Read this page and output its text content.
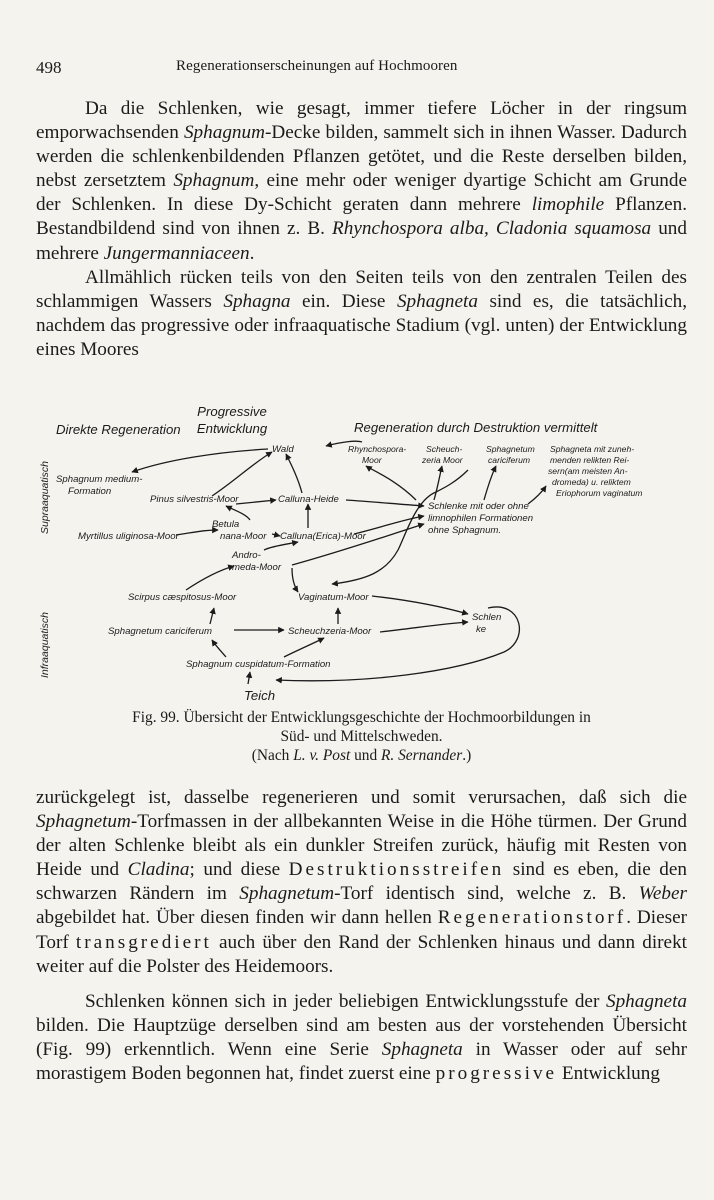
498	Regenerationserscheinungen auf Hochmooren

Da die Schlenken, wie gesagt, immer tiefere Löcher in der ringsum emporwachsenden Sphagnum-Decke bilden, sammelt sich in ihnen Wasser. Dadurch werden die schlenkenbildenden Pflanzen getötet, und die Reste derselben bilden, nebst zersetztem Sphagnum, eine mehr oder weniger dyartige Schicht am Grunde der Schlenken. In diese Dy-Schicht geraten dann mehrere limophile Pflanzen. Bestandbildend sind von ihnen z. B. Rhynchospora alba, Cladonia squamosa und mehrere Jungermanniaceen.

Allmählich rücken teils von den Seiten teils von den zentralen Teilen des schlammigen Wassers Sphagna ein. Diese Sphagneta sind es, die tatsächlich, nachdem das progressive oder infraaquatische Stadium (vgl. unten) der Entwicklung eines Moores

Direkte Regeneration
Progressive
Entwicklung	Regeneration durch Destruktion vermittelt
Supraaquatisch
Infraaquatisch
Wald
Sphagnum medium-
Formation
Pinus silvestris-Moor	Calluna-Heide
Betula
nana-Moor
Myrtillus uliginosa-Moor	Calluna(Erica)-Moor
Andro-
meda-Moor
Rhynchospora-
Moor
Scheuch-
zeria Moor
Sphagnetum
cariciferum
Sphagneta mit zuneh-
menden relikten Rei-
sern(am meisten An-
dromeda) u. reliktem
Eriophorum vaginatum
Schlenke mit oder ohne
limnophilen Formationen
ohne Sphagnum.
Scirpus cæspitosus-Moor	Vaginatum-Moor
Sphagnetum cariciferum	Scheuchzeria-Moor
Schlen
ke
Sphagnum cuspidatum-Formation
Teich
Fig. 99. Übersicht der Entwicklungsgeschichte der Hochmoorbildungen in
Süd- und Mittelschweden.
(Nach L. v. Post und R. Sernander.)

zurückgelegt ist, dasselbe regenerieren und somit verursachen, daß sich die Sphagnetum-Torfmassen in der allbekannten Weise in die Höhe türmen. Der Grund der alten Schlenke bleibt als ein dunkler Streifen zurück, häufig mit Resten von Heide und Cladina; und diese Destruktionsstreifen sind es eben, die den schwarzen Rändern im Sphagnetum-Torf identisch sind, welche z. B. Weber abgebildet hat. Über diesen finden wir dann hellen Regenerationstorf. Dieser Torf transgrediert auch über den Rand der Schlenken hinaus und dann direkt weiter auf die Polster des Heidemoors.

Schlenken können sich in jeder beliebigen Entwicklungsstufe der Sphagneta bilden. Die Hauptzüge derselben sind am besten aus der vorstehenden Übersicht (Fig. 99) erkenntlich. Wenn eine Serie Sphagneta in Wasser oder auf sehr morastigem Boden begonnen hat, findet zuerst eine progressive Entwicklung
